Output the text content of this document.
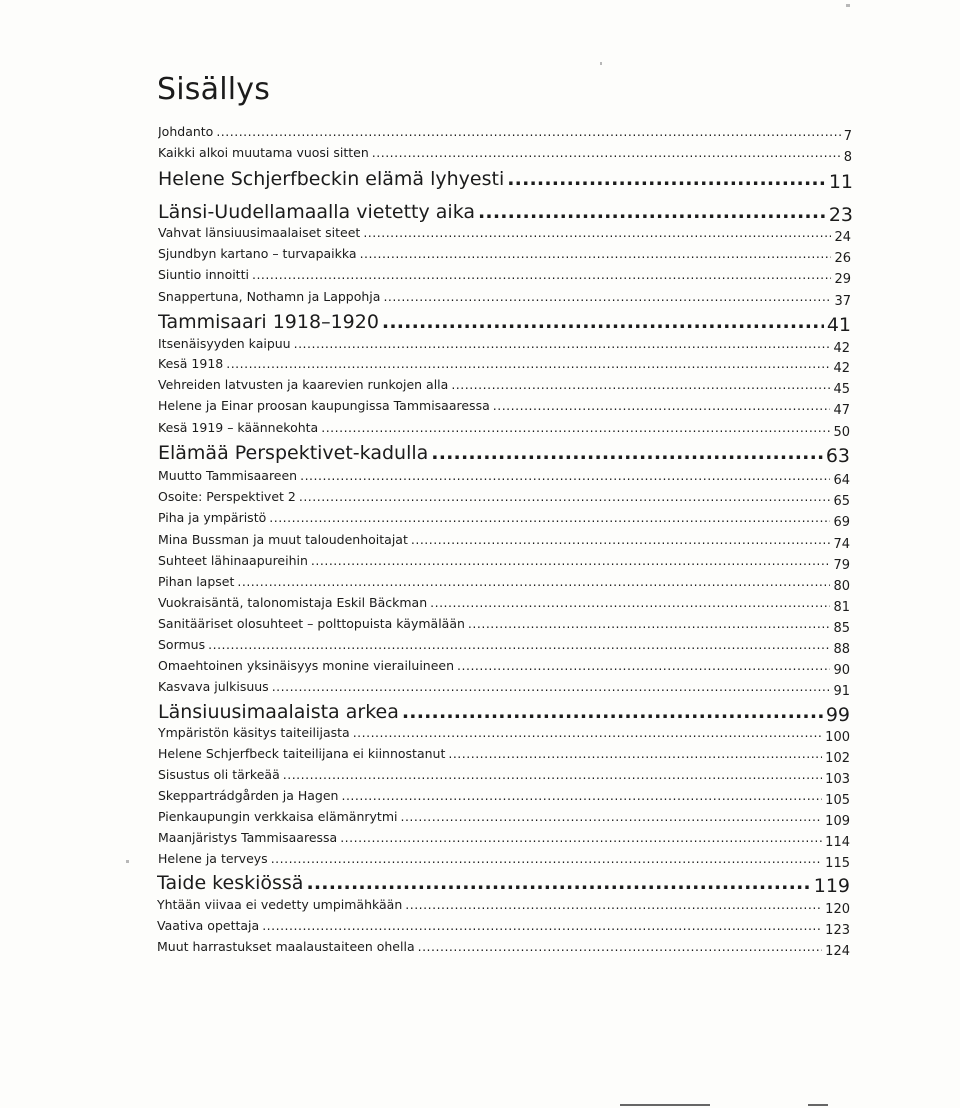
Sisällys
Johdanto .....	7
Kaikki alkoi muutama vuosi sitten .....	8
Helene Schjerfbeckin elämä lyhyesti .....	11
Länsi-Uudellamaalla vietetty aika .....	23
Vahvat länsiuusimaalaiset siteet .....	24
Sjundbyn kartano – turvapaikka .....	26
Siuntio innoitti .....	29
Snappertuna, Nothamn ja Lappohja .....	37
Tammisaari 1918–1920 .....	41
Itsenäisyyden kaipuu .....	42
Kesä 1918 .....	42
Vehreiden latvusten ja kaarevien runkojen alla .....	45
Helene ja Einar proosan kaupungissa Tammisaaressa .....	47
Kesä 1919 – käännekohta .....	50
Elämää Perspektivet-kadulla .....	63
Muutto Tammisaareen .....	64
Osoite: Perspektivet 2 .....	65
Piha ja ympäristö .....	69
Mina Bussman ja muut taloudenhoitajat .....	74
Suhteet lähinaapureihin .....	79
Pihan lapset .....	80
Vuokraisäntä, talonomistaja Eskil Bäckman .....	81
Sanitääriset olosuhteet – polttopuista käymälään .....	85
Sormus .....	88
Omaehtoinen yksinäisyys monine vierailuineen .....	90
Kasvava julkisuus .....	91
Länsiuusimaalaista arkea .....	99
Ympäristön käsitys taiteilijasta .....	100
Helene Schjerfbeck taiteilijana ei kiinnostanut .....	102
Sisustus oli tärkeää .....	103
Skeppartrádgården ja Hagen .....	105
Pienkaupungin verkkaisa elämänrytmi .....	109
Maanjäristys Tammisaaressa .....	114
Helene ja terveys .....	115
Taide keskiössä .....	119
Yhtään viivaa ei vedetty umpimähkään .....	120
Vaativa opettaja .....	123
Muut harrastukset maalaustaiteen ohella .....	124
